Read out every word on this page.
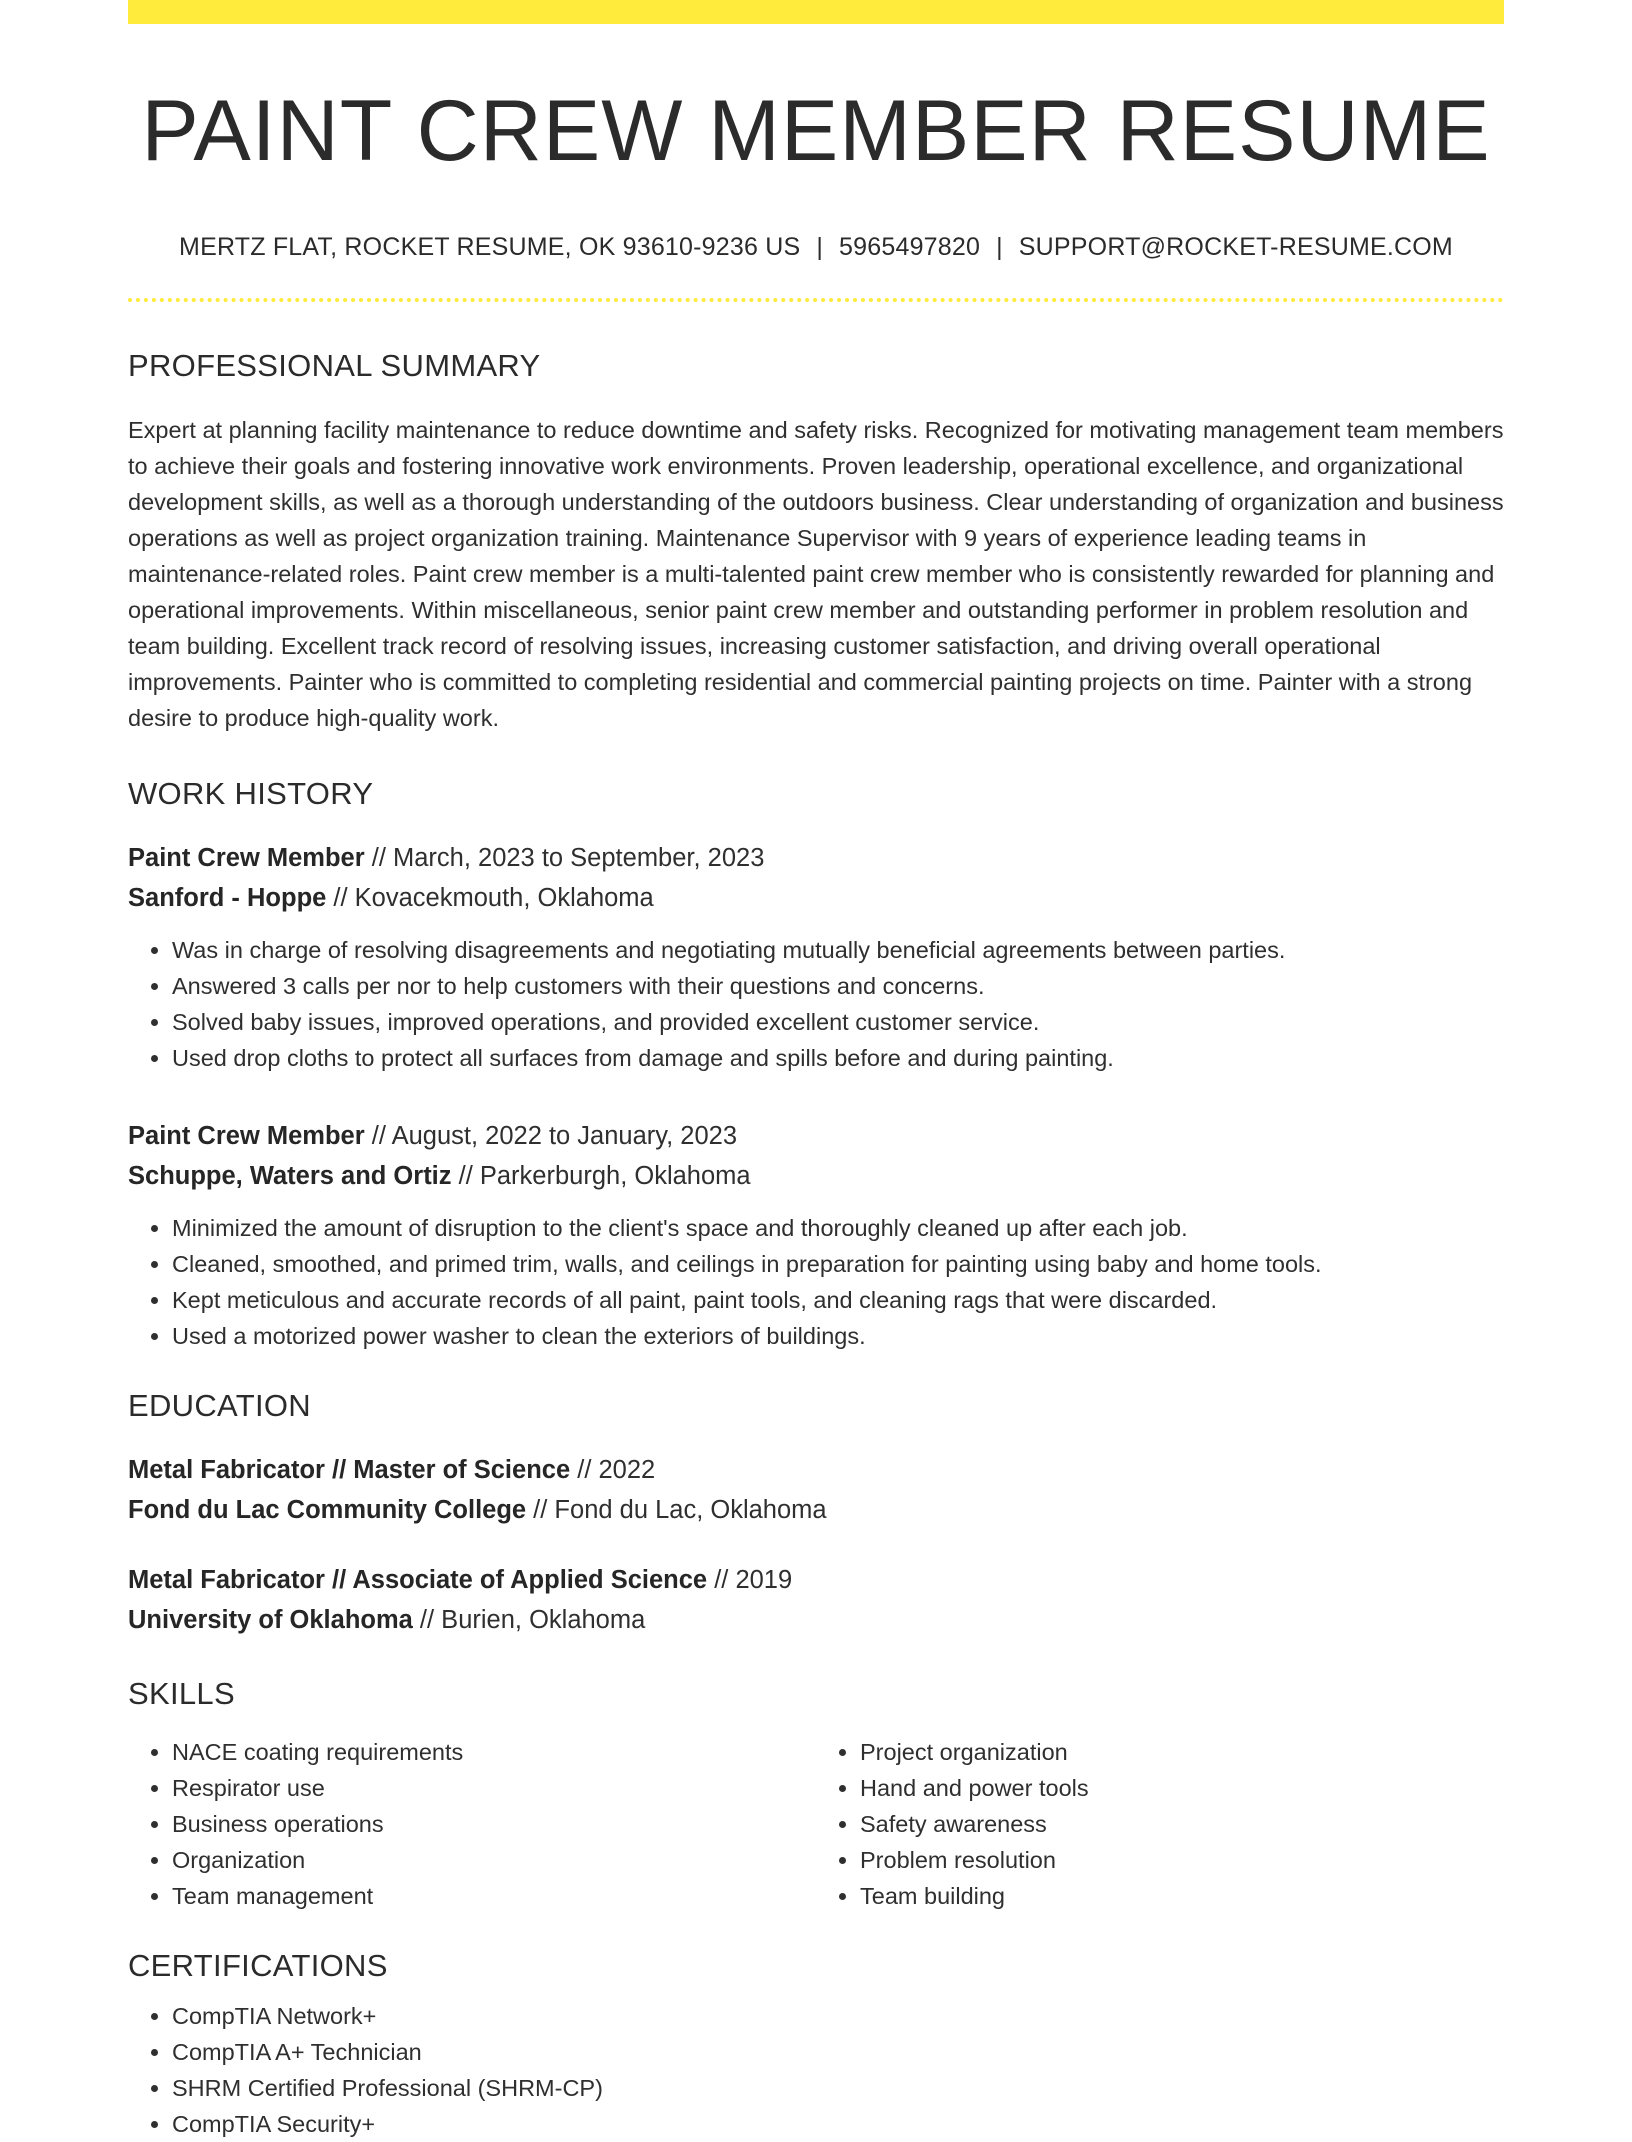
PAINT CREW MEMBER RESUME
MERTZ FLAT, ROCKET RESUME, OK 93610-9236 US | 5965497820 | SUPPORT@ROCKET-RESUME.COM
PROFESSIONAL SUMMARY

Expert at planning facility maintenance to reduce downtime and safety risks. Recognized for motivating management team members to achieve their goals and fostering innovative work environments. Proven leadership, operational excellence, and organizational development skills, as well as a thorough understanding of the outdoors business. Clear understanding of organization and business operations as well as project organization training. Maintenance Supervisor with 9 years of experience leading teams in maintenance-related roles. Paint crew member is a multi-talented paint crew member who is consistently rewarded for planning and operational improvements. Within miscellaneous, senior paint crew member and outstanding performer in problem resolution and team building. Excellent track record of resolving issues, increasing customer satisfaction, and driving overall operational improvements. Painter who is committed to completing residential and commercial painting projects on time. Painter with a strong desire to produce high-quality work.

WORK HISTORY
Paint Crew Member // March, 2023 to September, 2023
Sanford - Hoppe // Kovacekmouth, Oklahoma
• Was in charge of resolving disagreements and negotiating mutually beneficial agreements between parties.
• Answered 3 calls per nor to help customers with their questions and concerns.
• Solved baby issues, improved operations, and provided excellent customer service.
• Used drop cloths to protect all surfaces from damage and spills before and during painting.
Paint Crew Member // August, 2022 to January, 2023
Schuppe, Waters and Ortiz // Parkerburgh, Oklahoma
• Minimized the amount of disruption to the client's space and thoroughly cleaned up after each job.
• Cleaned, smoothed, and primed trim, walls, and ceilings in preparation for painting using baby and home tools.
• Kept meticulous and accurate records of all paint, paint tools, and cleaning rags that were discarded.
• Used a motorized power washer to clean the exteriors of buildings.
EDUCATION
Metal Fabricator // Master of Science // 2022
Fond du Lac Community College // Fond du Lac, Oklahoma
Metal Fabricator // Associate of Applied Science // 2019
University of Oklahoma // Burien, Oklahoma
SKILLS
• NACE coating requirements
• Respirator use
• Business operations
• Organization
• Team management
• Project organization
• Hand and power tools
• Safety awareness
• Problem resolution
• Team building
CERTIFICATIONS
• CompTIA Network+
• CompTIA A+ Technician
• SHRM Certified Professional (SHRM-CP)
• CompTIA Security+
